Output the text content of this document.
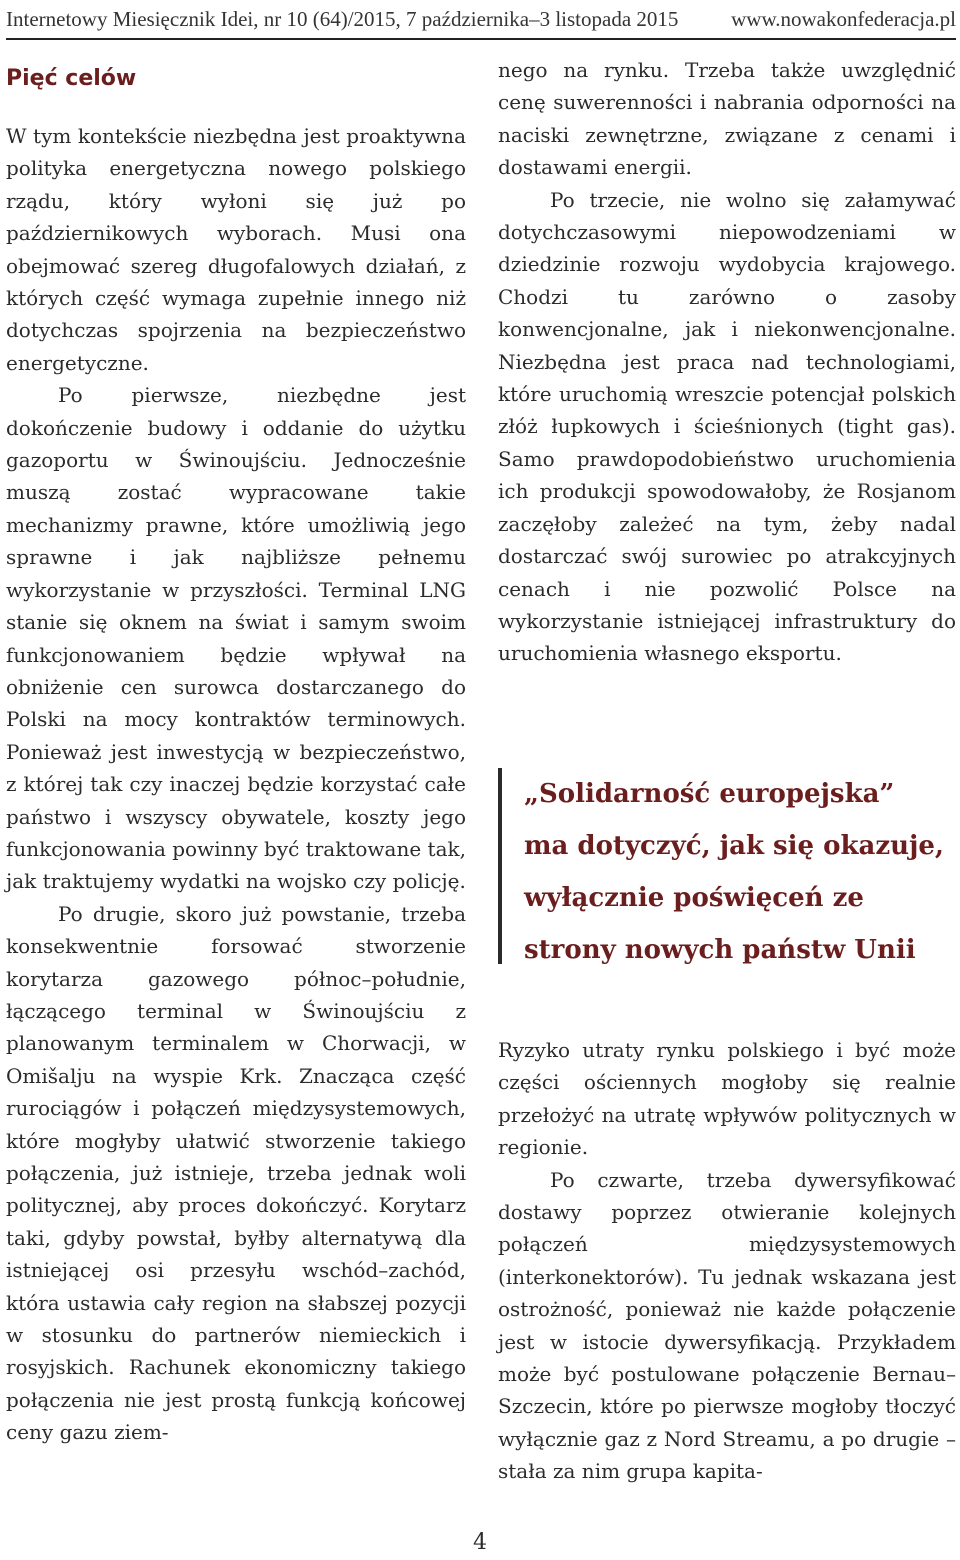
Internetowy Miesięcznik Idei, nr 10 (64)/2015, 7 października–3 listopada 2015	www.nowakonfederacja.pl
Pięć celów

W tym kontekście niezbędna jest proaktywna polityka energetyczna nowego polskiego rządu, który wyłoni się już po październikowych wyborach. Musi ona obejmować szereg długofalowych działań, z których część wymaga zupełnie innego niż dotychczas spojrzenia na bezpieczeństwo energetyczne.

Po pierwsze, niezbędne jest dokończenie budowy i oddanie do użytku gazoportu w Świnoujściu. Jednocześnie muszą zostać wypracowane takie mechanizmy prawne, które umożliwią jego sprawne i jak najbliższe pełnemu wykorzystanie w przyszłości. Terminal LNG stanie się oknem na świat i samym swoim funkcjonowaniem będzie wpływał na obniżenie cen surowca dostarczanego do Polski na mocy kontraktów terminowych. Ponieważ jest inwestycją w bezpieczeństwo, z której tak czy inaczej będzie korzystać całe państwo i wszyscy obywatele, koszty jego funkcjonowania powinny być traktowane tak, jak traktujemy wydatki na wojsko czy policję.

Po drugie, skoro już powstanie, trzeba konsekwentnie forsować stworzenie korytarza gazowego północ–południe, łączącego terminal w Świnoujściu z planowanym terminalem w Chorwacji, w Omišalju na wyspie Krk. Znacząca część rurociągów i połączeń międzysystemowych, które mogłyby ułatwić stworzenie takiego połączenia, już istnieje, trzeba jednak woli politycznej, aby proces dokończyć. Korytarz taki, gdyby powstał, byłby alternatywą dla istniejącej osi przesyłu wschód–zachód, która ustawia cały region na słabszej pozycji w stosunku do partnerów niemieckich i rosyjskich. Rachunek ekonomiczny takiego połączenia nie jest prostą funkcją końcowej ceny gazu ziem-

nego na rynku. Trzeba także uwzględnić cenę suwerenności i nabrania odporności na naciski zewnętrzne, związane z cenami i dostawami energii.

Po trzecie, nie wolno się załamywać dotychczasowymi niepowodzeniami w dziedzinie rozwoju wydobycia krajowego. Chodzi tu zarówno o zasoby konwencjonalne, jak i niekonwencjonalne. Niezbędna jest praca nad technologiami, które uruchomią wreszcie potencjał polskich złóż łupkowych i ścieśnionych (tight gas). Samo prawdopodobieństwo uruchomienia ich produkcji spowodowałoby, że Rosjanom zaczęłoby zależeć na tym, żeby nadal dostarczać swój surowiec po atrakcyjnych cenach i nie pozwolić Polsce na wykorzystanie istniejącej infrastruktury do uruchomienia własnego eksportu.

„Solidarność europejska”
ma dotyczyć, jak się okazuje,
wyłącznie poświęceń ze
strony nowych państw Unii

Ryzyko utraty rynku polskiego i być może części ościennych mogłoby się realnie przełożyć na utratę wpływów politycznych w regionie.

Po czwarte, trzeba dywersyfikować dostawy poprzez otwieranie kolejnych połączeń międzysystemowych (interkonektorów). Tu jednak wskazana jest ostrożność, ponieważ nie każde połączenie jest w istocie dywersyfikacją. Przykładem może być postulowane połączenie Bernau–Szczecin, które po pierwsze mogłoby tłoczyć wyłącznie gaz z Nord Streamu, a po drugie – stała za nim grupa kapita-

4
